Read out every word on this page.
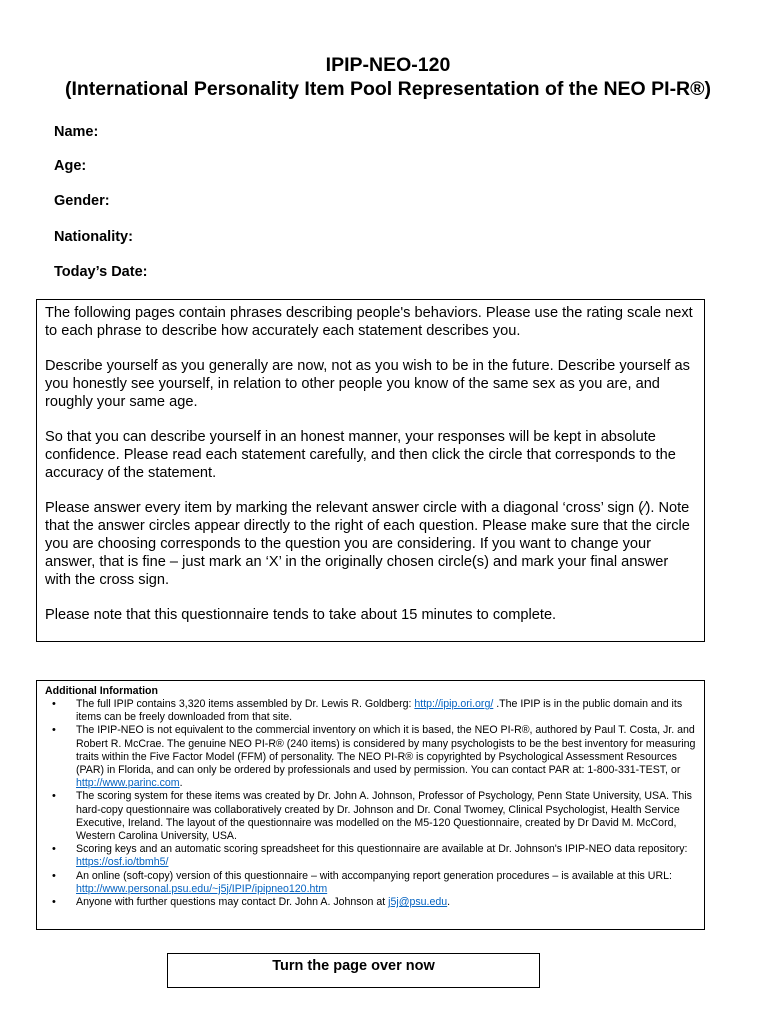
IPIP-NEO-120
(International Personality Item Pool Representation of the NEO PI-R®)
Name:
Age:
Gender:
Nationality:
Today’s Date:

The following pages contain phrases describing people's behaviors. Please use the rating scale next to each phrase to describe how accurately each statement describes you.

Describe yourself as you generally are now, not as you wish to be in the future. Describe yourself as you honestly see yourself, in relation to other people you know of the same sex as you are, and roughly your same age.

So that you can describe yourself in an honest manner, your responses will be kept in absolute confidence. Please read each statement carefully, and then click the circle that corresponds to the accuracy of the statement.

Please answer every item by marking the relevant answer circle with a diagonal ‘cross’ sign (⁄). Note that the answer circles appear directly to the right of each question. Please make sure that the circle you are choosing corresponds to the question you are considering. If you want to change your answer, that is fine – just mark an ‘X’ in the originally chosen circle(s) and mark your final answer with the cross sign.

Please note that this questionnaire tends to take about 15 minutes to complete.

Additional Information
• The full IPIP contains 3,320 items assembled by Dr. Lewis R. Goldberg: http://ipip.ori.org/ .The IPIP is in the public domain and its items can be freely downloaded from that site.
• The IPIP-NEO is not equivalent to the commercial inventory on which it is based, the NEO PI-R®, authored by Paul T. Costa, Jr. and Robert R. McCrae. The genuine NEO PI-R® (240 items) is considered by many psychologists to be the best inventory for measuring traits within the Five Factor Model (FFM) of personality. The NEO PI-R® is copyrighted by Psychological Assessment Resources (PAR) in Florida, and can only be ordered by professionals and used by permission. You can contact PAR at: 1-800-331-TEST, or http://www.parinc.com.
• The scoring system for these items was created by Dr. John A. Johnson, Professor of Psychology, Penn State University, USA. This hard-copy questionnaire was collaboratively created by Dr. Johnson and Dr. Conal Twomey, Clinical Psychologist, Health Service Executive, Ireland. The layout of the questionnaire was modelled on the M5-120 Questionnaire, created by Dr David M. McCord, Western Carolina University, USA.
• Scoring keys and an automatic scoring spreadsheet for this questionnaire are available at Dr. Johnson's IPIP-NEO data repository: https://osf.io/tbmh5/
• An online (soft-copy) version of this questionnaire – with accompanying report generation procedures – is available at this URL: http://www.personal.psu.edu/~j5j/IPIP/ipipneo120.htm
• Anyone with further questions may contact Dr. John A. Johnson at j5j@psu.edu.
Turn the page over now
